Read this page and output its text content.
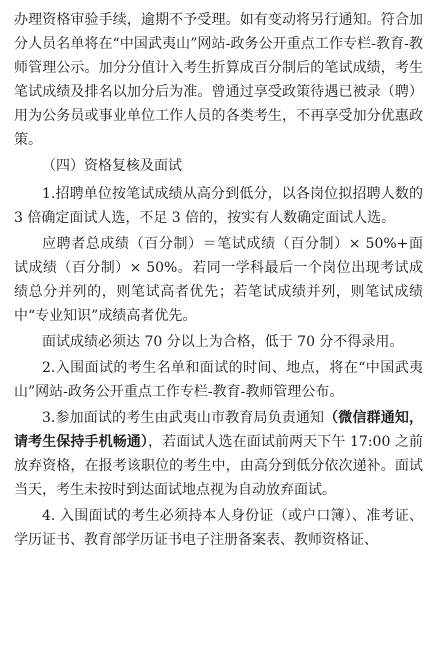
办理资格审验手续，逾期不予受理。如有变动将另行通知。符合加分人员名单将在“中国武夷山”网站-政务公开重点工作专栏-教育-教师管理公示。加分分值计入考生折算成百分制后的笔试成绩，考生笔试成绩及排名以加分后为准。曾通过享受政策待遇已被录（聘）用为公务员或事业单位工作人员的各类考生，不再享受加分优惠政策。

（四）资格复核及面试

1.招聘单位按笔试成绩从高分到低分，以各岗位拟招聘人数的 3 倍确定面试人选，不足 3 倍的，按实有人数确定面试人选。

应聘者总成绩（百分制）＝笔试成绩（百分制）× 50%+面试成绩（百分制）× 50%。若同一学科最后一个岗位出现考试成绩总分并列的，则笔试高者优先；若笔试成绩并列，则笔试成绩中“专业知识”成绩高者优先。

面试成绩必须达 70 分以上为合格，低于 70 分不得录用。

2.入围面试的考生名单和面试的时间、地点，将在“中国武夷山”网站-政务公开重点工作专栏-教育-教师管理公布。

3.参加面试的考生由武夷山市教育局负责通知（微信群通知，请考生保持手机畅通），若面试人选在面试前两天下午 17:00 之前放弃资格，在报考该职位的考生中，由高分到低分依次递补。面试当天，考生未按时到达面试地点视为自动放弃面试。

4. 入围面试的考生必须持本人身份证（或户口簿）、准考证、学历证书、教育部学历证书电子注册备案表、教师资格证、
